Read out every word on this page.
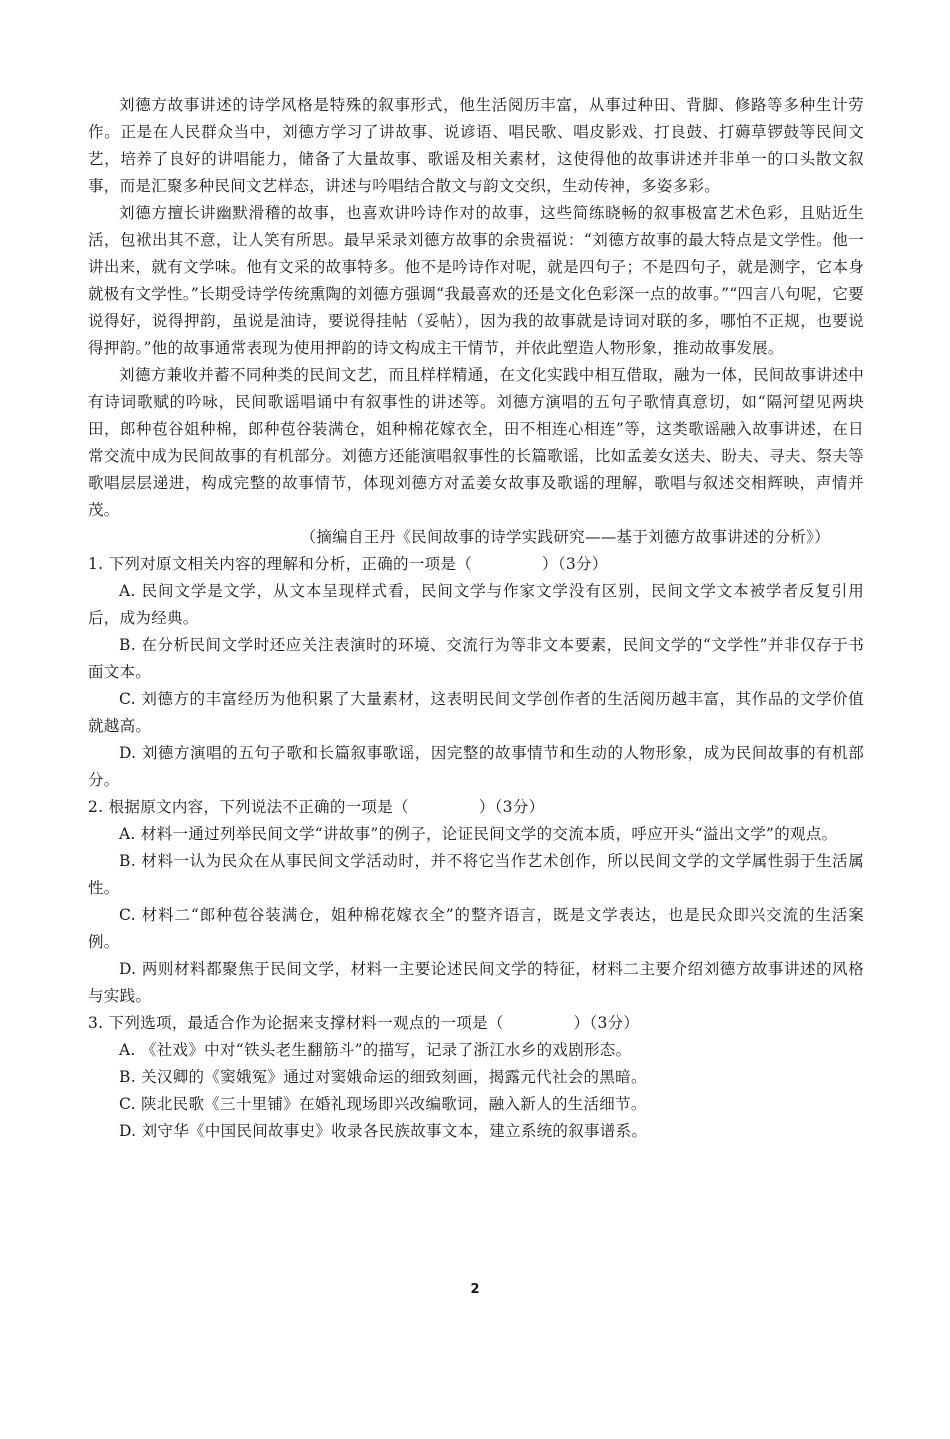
刘德方故事讲述的诗学风格是特殊的叙事形式，他生活阅历丰富，从事过种田、背脚、修路等多种生计劳作。正是在人民群众当中，刘德方学习了讲故事、说谚语、唱民歌、唱皮影戏、打良鼓、打薅草锣鼓等民间文艺，培养了良好的讲唱能力，储备了大量故事、歌谣及相关素材，这使得他的故事讲述并非单一的口头散文叙事，而是汇聚多种民间文艺样态，讲述与吟唱结合散文与韵文交织，生动传神，多姿多彩。

刘德方擅长讲幽默滑稽的故事，也喜欢讲吟诗作对的故事，这些简练晓畅的叙事极富艺术色彩，且贴近生活，包袱出其不意，让人笑有所思。最早采录刘德方故事的余贵福说：“刘德方故事的最大特点是文学性。他一讲出来，就有文学味。他有文采的故事特多。他不是吟诗作对呢，就是四句子；不是四句子，就是测字，它本身就极有文学性。”长期受诗学传统熏陶的刘德方强调“我最喜欢的还是文化色彩深一点的故事。”“四言八句呢，它要说得好，说得押韵，虽说是油诗，要说得挂帖（妥帖），因为我的故事就是诗词对联的多，哪怕不正规，也要说得押韵。”他的故事通常表现为使用押韵的诗文构成主干情节，并依此塑造人物形象，推动故事发展。

刘德方兼收并蓄不同种类的民间文艺，而且样样精通，在文化实践中相互借取，融为一体，民间故事讲述中有诗词歌赋的吟咏，民间歌谣唱诵中有叙事性的讲述等。刘德方演唱的五句子歌情真意切，如“隔河望见两块田，郎种苞谷姐种棉，郎种苞谷装满仓，姐种棉花嫁衣全，田不相连心相连”等，这类歌谣融入故事讲述，在日常交流中成为民间故事的有机部分。刘德方还能演唱叙事性的长篇歌谣，比如孟姜女送夫、盼夫、寻夫、祭夫等歌唱层层递进，构成完整的故事情节，体现刘德方对孟姜女故事及歌谣的理解，歌唱与叙述交相辉映，声情并茂。

（摘编自王丹《民间故事的诗学实践研究——基于刘德方故事讲述的分析》）

1. 下列对原文相关内容的理解和分析，正确的一项是（	）（3分）

A. 民间文学是文学，从文本呈现样式看，民间文学与作家文学没有区别，民间文学文本被学者反复引用后，成为经典。

B. 在分析民间文学时还应关注表演时的环境、交流行为等非文本要素，民间文学的“文学性”并非仅存于书面文本。

C. 刘德方的丰富经历为他积累了大量素材，这表明民间文学创作者的生活阅历越丰富，其作品的文学价值就越高。

D. 刘德方演唱的五句子歌和长篇叙事歌谣，因完整的故事情节和生动的人物形象，成为民间故事的有机部分。

2. 根据原文内容，下列说法不正确的一项是（	）（3分）

A. 材料一通过列举民间文学“讲故事”的例子，论证民间文学的交流本质，呼应开头“溢出文学”的观点。

B. 材料一认为民众在从事民间文学活动时，并不将它当作艺术创作，所以民间文学的文学属性弱于生活属性。

C. 材料二“郎种苞谷装满仓，姐种棉花嫁衣全”的整齐语言，既是文学表达，也是民众即兴交流的生活案例。

D. 两则材料都聚焦于民间文学，材料一主要论述民间文学的特征，材料二主要介绍刘德方故事讲述的风格与实践。

3. 下列选项，最适合作为论据来支撑材料一观点的一项是（	）（3分）

A. 《社戏》中对“铁头老生翻筋斗”的描写，记录了浙江水乡的戏剧形态。

B. 关汉卿的《窦娥冤》通过对窦娥命运的细致刻画，揭露元代社会的黑暗。

C. 陕北民歌《三十里铺》在婚礼现场即兴改编歌词，融入新人的生活细节。

D. 刘守华《中国民间故事史》收录各民族故事文本，建立系统的叙事谱系。

2
